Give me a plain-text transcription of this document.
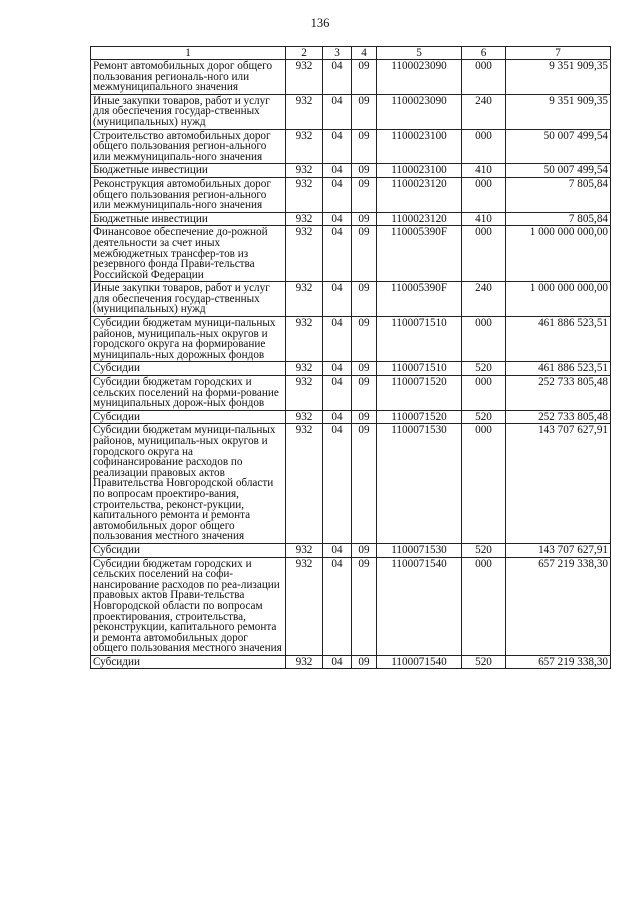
136
1	2	3	4	5	6	7
Ремонт автомобильных дорог общего пользования региональ-ного или межмуниципального значения	932	04	09	1100023090	000	9 351 909,35
Иные закупки товаров, работ и услуг для обеспечения государ-ственных (муниципальных) нужд	932	04	09	1100023090	240	9 351 909,35
Строительство автомобильных дорог общего пользования регион-ального или межмуниципаль-ного значения	932	04	09	1100023100	000	50 007 499,54
Бюджетные инвестиции	932	04	09	1100023100	410	50 007 499,54
Реконструкция автомобильных дорог общего пользования регион-ального или межмуниципаль-ного значения	932	04	09	1100023120	000	7 805,84
Бюджетные инвестиции	932	04	09	1100023120	410	7 805,84
Финансовое обеспечение до-рожной деятельности за счет иных межбюджетных трансфер-тов из резервного фонда Прави-тельства Российской Федерации	932	04	09	110005390F	000	1 000 000 000,00
Иные закупки товаров, работ и услуг для обеспечения государ-ственных (муниципальных) нужд	932	04	09	110005390F	240	1 000 000 000,00
Субсидии бюджетам муници-пальных районов, муниципаль-ных округов и городского округа на формирование муниципаль-ных дорожных фондов	932	04	09	1100071510	000	461 886 523,51
Субсидии	932	04	09	1100071510	520	461 886 523,51
Субсидии бюджетам городских и сельских поселений на форми-рование муниципальных дорож-ных фондов	932	04	09	1100071520	000	252 733 805,48
Субсидии	932	04	09	1100071520	520	252 733 805,48
Субсидии бюджетам муници-пальных районов, муниципаль-ных округов и городского округа на софинансирование расходов по реализации правовых актов Правительства Новгородской области по вопросам проектиро-вания, строительства, реконст-рукции, капитального ремонта и ремонта автомобильных дорог общего пользования местного значения	932	04	09	1100071530	000	143 707 627,91
Субсидии	932	04	09	1100071530	520	143 707 627,91
Субсидии бюджетам городских и сельских поселений на софи-нансирование расходов по реа-лизации правовых актов Прави-тельства Новгородской области по вопросам проектирования, строительства, реконструкции, капитального ремонта и ремонта автомобильных дорог общего пользования местного значения	932	04	09	1100071540	000	657 219 338,30
Субсидии	932	04	09	1100071540	520	657 219 338,30
